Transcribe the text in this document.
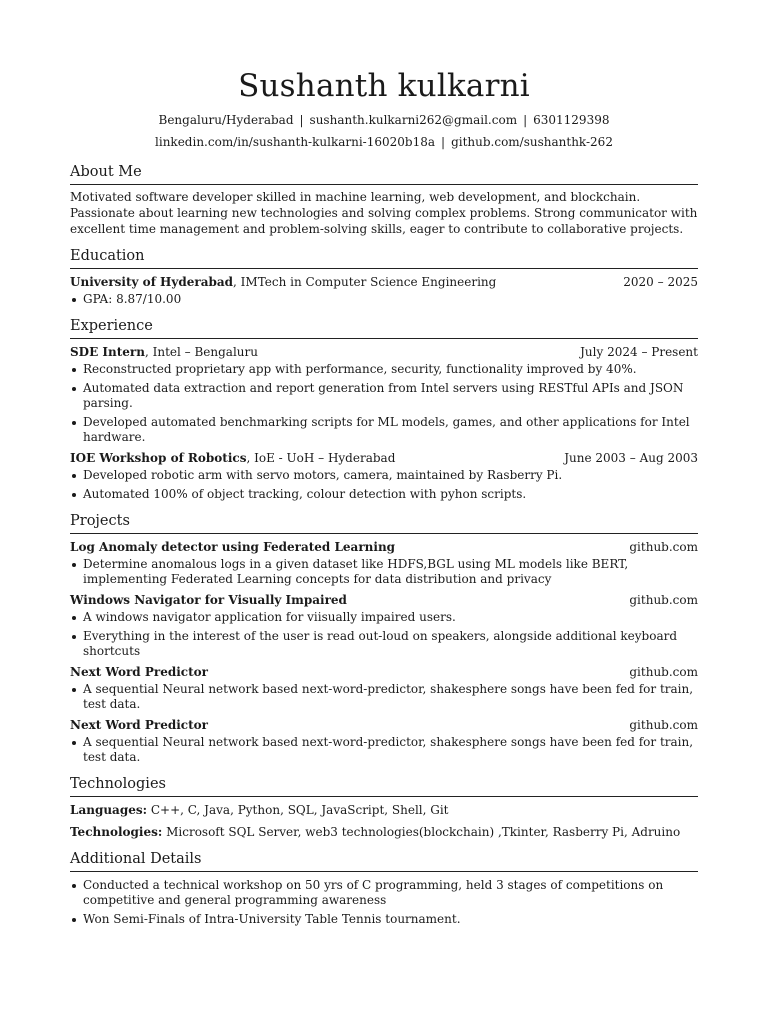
Sushanth kulkarni
Bengaluru/Hyderabad | sushanth.kulkarni262@gmail.com | 6301129398
linkedin.com/in/sushanth-kulkarni-16020b18a | github.com/sushanthk-262
About Me
Motivated software developer skilled in machine learning, web development, and blockchain. Passionate about learning new technologies and solving complex problems. Strong communicator with excellent time management and problem-solving skills, eager to contribute to collaborative projects.
Education
University of Hyderabad, IMTech in Computer Science Engineering	2020 – 2025
GPA: 8.87/10.00
Experience
SDE Intern, Intel – Bengaluru	July 2024 – Present
Reconstructed proprietary app with performance, security, functionality improved by 40%.
Automated data extraction and report generation from Intel servers using RESTful APIs and JSON parsing.
Developed automated benchmarking scripts for ML models, games, and other applications for Intel hardware.
IOE Workshop of Robotics, IoE - UoH – Hyderabad	June 2003 – Aug 2003
Developed robotic arm with servo motors, camera, maintained by Rasberry Pi.
Automated 100% of object tracking, colour detection with pyhon scripts.
Projects
Log Anomaly detector using Federated Learning	github.com
Determine anomalous logs in a given dataset like HDFS,BGL using ML models like BERT, implementing Federated Learning concepts for data distribution and privacy
Windows Navigator for Visually Impaired	github.com
A windows navigator application for viisually impaired users.
Everything in the interest of the user is read out-loud on speakers, alongside additional keyboard shortcuts
Next Word Predictor	github.com
A sequential Neural network based next-word-predictor, shakesphere songs have been fed for train, test data.
Next Word Predictor	github.com
A sequential Neural network based next-word-predictor, shakesphere songs have been fed for train, test data.
Technologies
Languages: C++, C, Java, Python, SQL, JavaScript, Shell, Git
Technologies: Microsoft SQL Server, web3 technologies(blockchain) ,Tkinter, Rasberry Pi, Adruino
Additional Details
Conducted a technical workshop on 50 yrs of C programming, held 3 stages of competitions on competitive and general programming awareness
Won Semi-Finals of Intra-University Table Tennis tournament.
